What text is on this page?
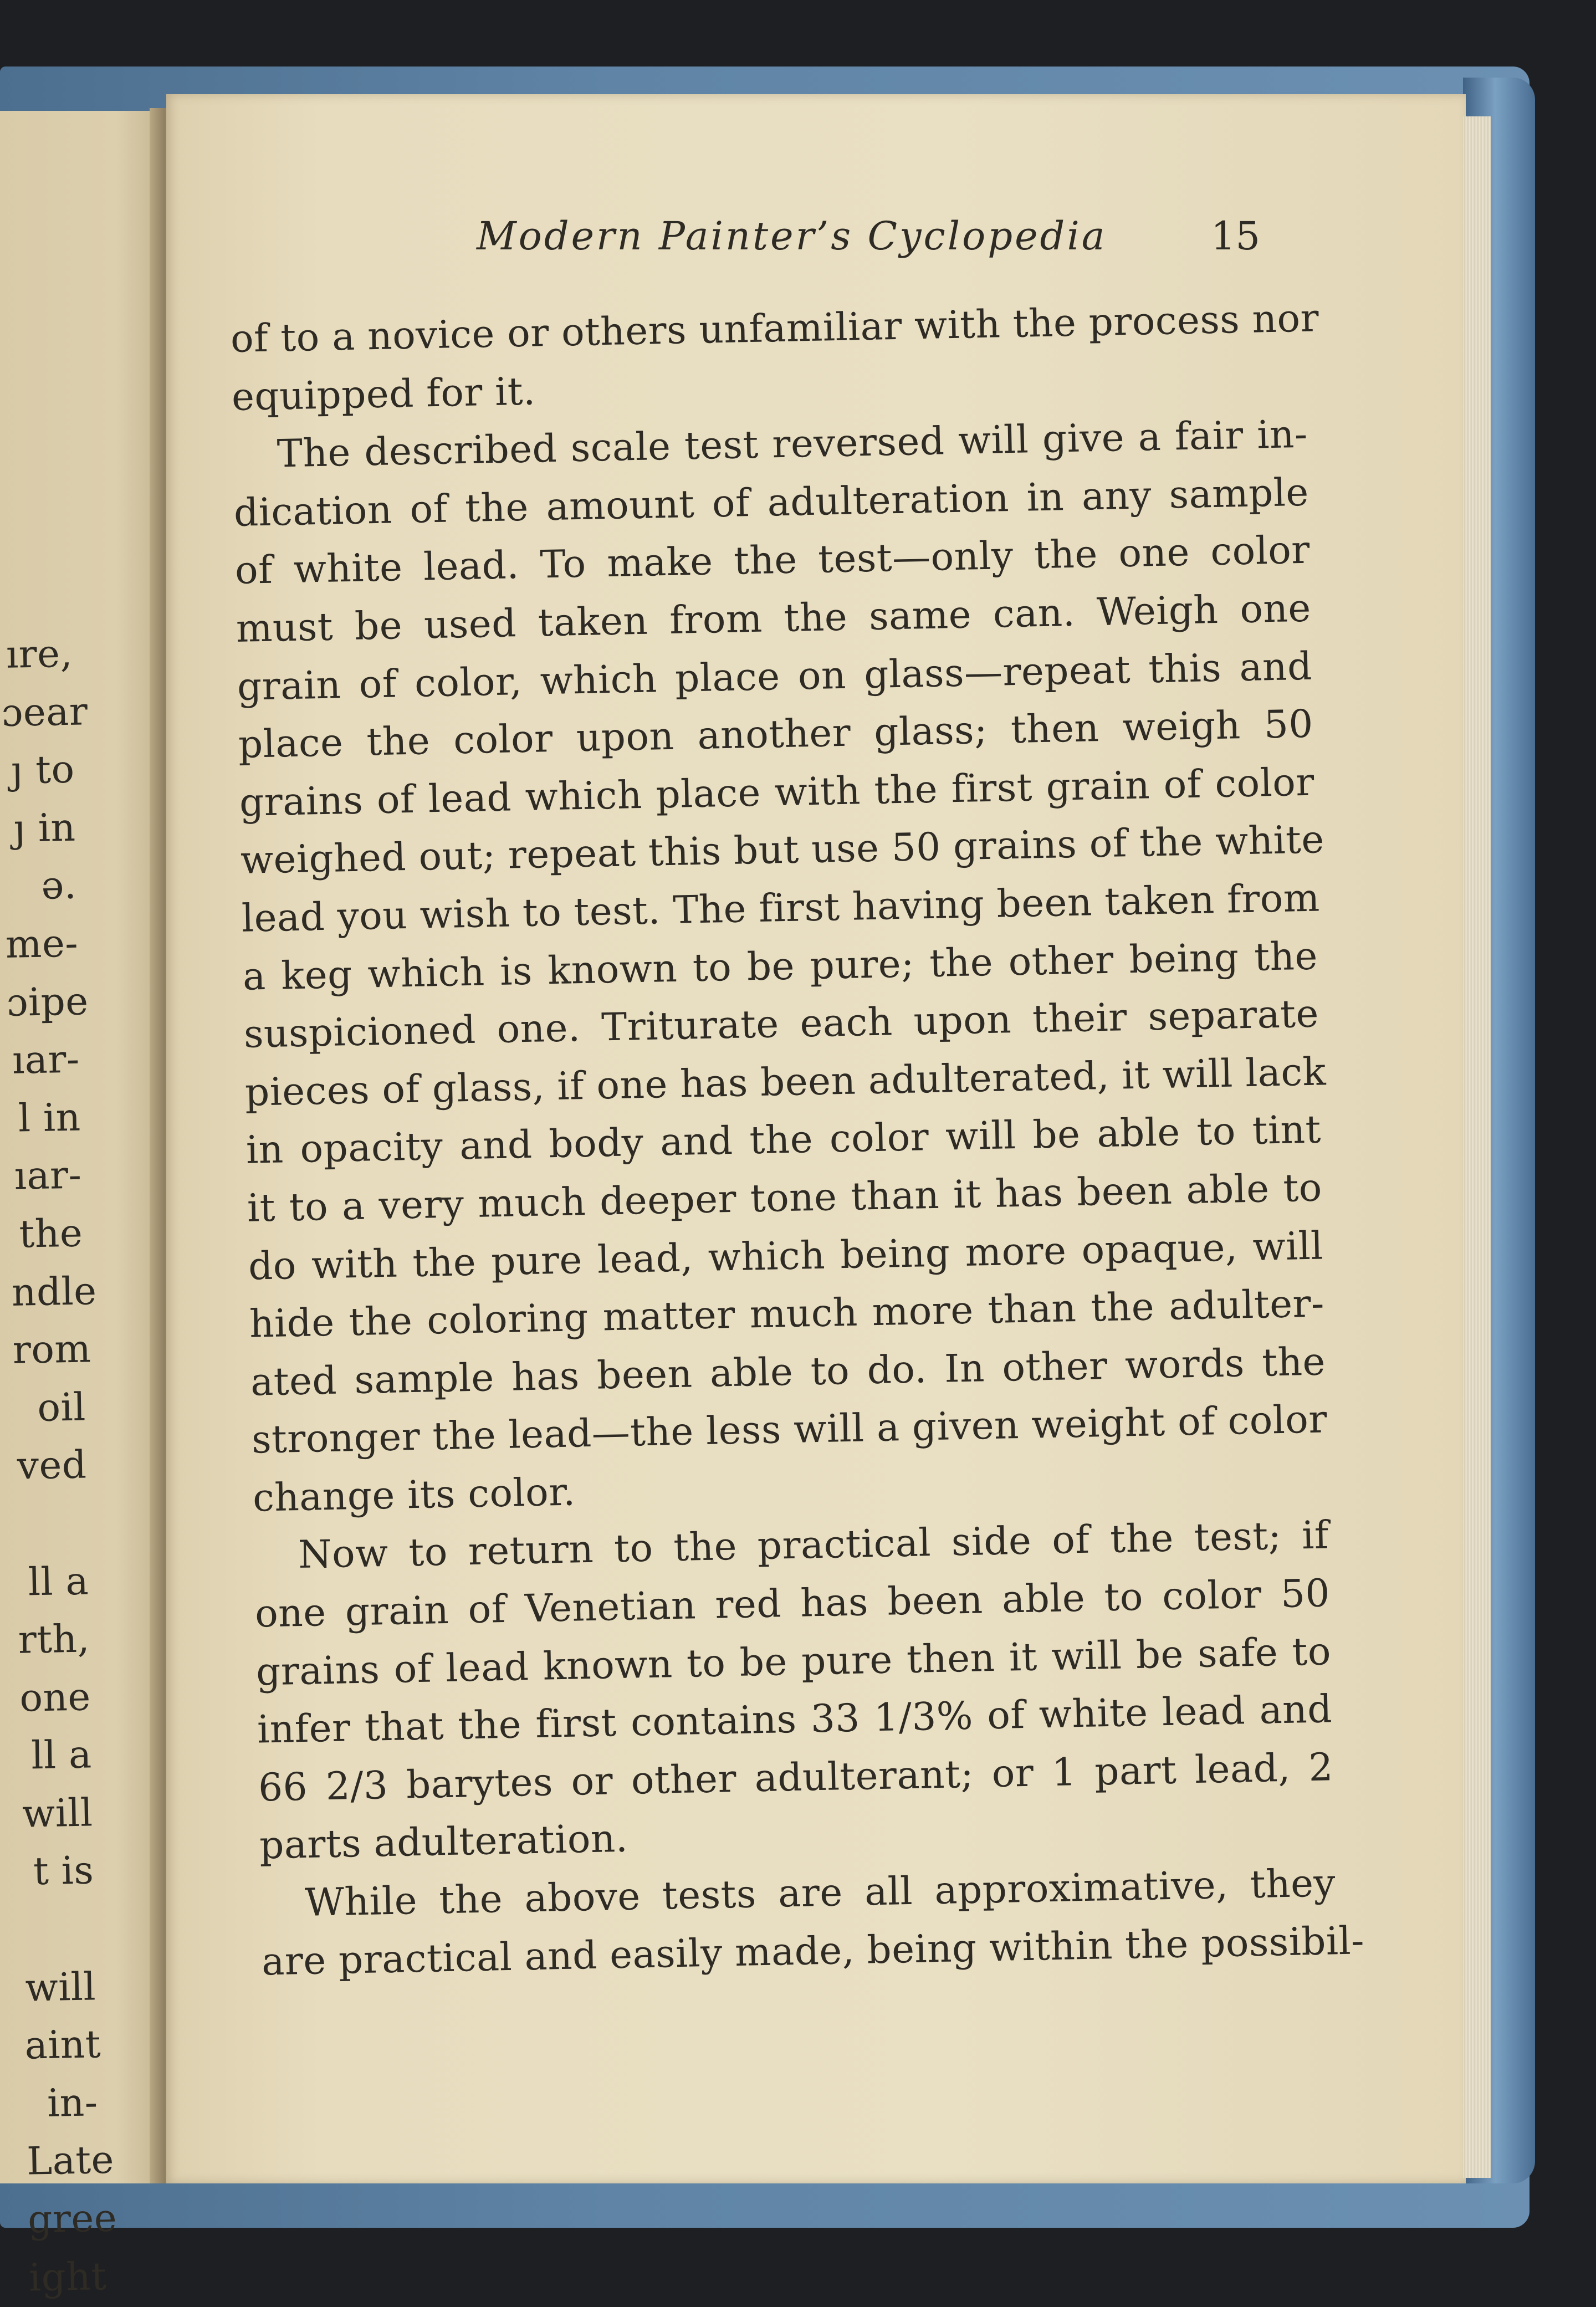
ıre,
ɔear
ȷ to
ȷ in
ə.
me-
ɔipe
ıar-
l in
ıar-
the
ndle
rom
oil
ved
ll a
rth,
one
ll a
will
t is
will
aint
in-
Late
gree
ight
Modern Painter’s Cyclopedia	15
of to a novice or others unfamiliar with the process nor
equipped for it.
The described scale test reversed will give a fair in-
dication of the amount of adulteration in any sample
of white lead. To make the test—only the one color
must be used taken from the same can. Weigh one
grain of color, which place on glass—repeat this and
place the color upon another glass; then weigh 50
grains of lead which place with the first grain of color
weighed out; repeat this but use 50 grains of the white
lead you wish to test. The first having been taken from
a keg which is known to be pure; the other being the
suspicioned one. Triturate each upon their separate
pieces of glass, if one has been adulterated, it will lack
in opacity and body and the color will be able to tint
it to a very much deeper tone than it has been able to
do with the pure lead, which being more opaque, will
hide the coloring matter much more than the adulter-
ated sample has been able to do. In other words the
stronger the lead—the less will a given weight of color
change its color.
Now to return to the practical side of the test; if
one grain of Venetian red has been able to color 50
grains of lead known to be pure then it will be safe to
infer that the first contains 33 1/3% of white lead and
66 2/3 barytes or other adulterant; or 1 part lead, 2
parts adulteration.
While the above tests are all approximative, they
are practical and easily made, being within the possibil-
